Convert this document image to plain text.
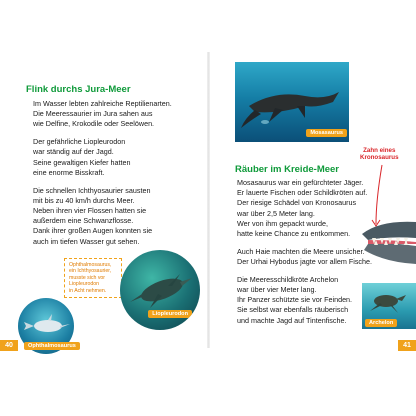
Flink durchs Jura-Meer

Im Wasser lebten zahlreiche Reptilienarten.
Die Meeressaurier im Jura sahen aus
wie Delfine, Krokodile oder Seelöwen.

Der gefährliche Liopleurodon
war ständig auf der Jagd.
Seine gewaltigen Kiefer hatten
eine enorme Bisskraft.

Die schnellen Ichthyosaurier sausten
mit bis zu 40 km/h durchs Meer.
Neben ihren vier Flossen hatten sie
außerdem eine Schwanzflosse.
Dank ihrer großen Augen konnten sie
auch im tiefen Wasser gut sehen.

Ophthalmosaurus,
ein Ichthyosaurier,
musste sich vor
Liopleurodon
in Acht nehmen.
Liopleurodon
Ophthalmosaurus
40
Mosasaurus
Zahn eines
Kronosaurus
Räuber im Kreide-Meer

Mosasaurus war ein gefürchteter Jäger.
Er lauerte Fischen oder Schildkröten auf.
Der riesige Schädel von Kronosaurus
war über 2,5 Meter lang.
Wer von ihm gepackt wurde,
hatte keine Chance zu entkommen.

Auch Haie machten die Meere unsicher.
Der Urhai Hybodus jagte vor allem Fische.

Die Meeresschildkröte Archelon
war über vier Meter lang.
Ihr Panzer schützte sie vor Feinden.
Sie selbst war ebenfalls räuberisch
und machte Jagd auf Tintenfische.	Archelon
41
